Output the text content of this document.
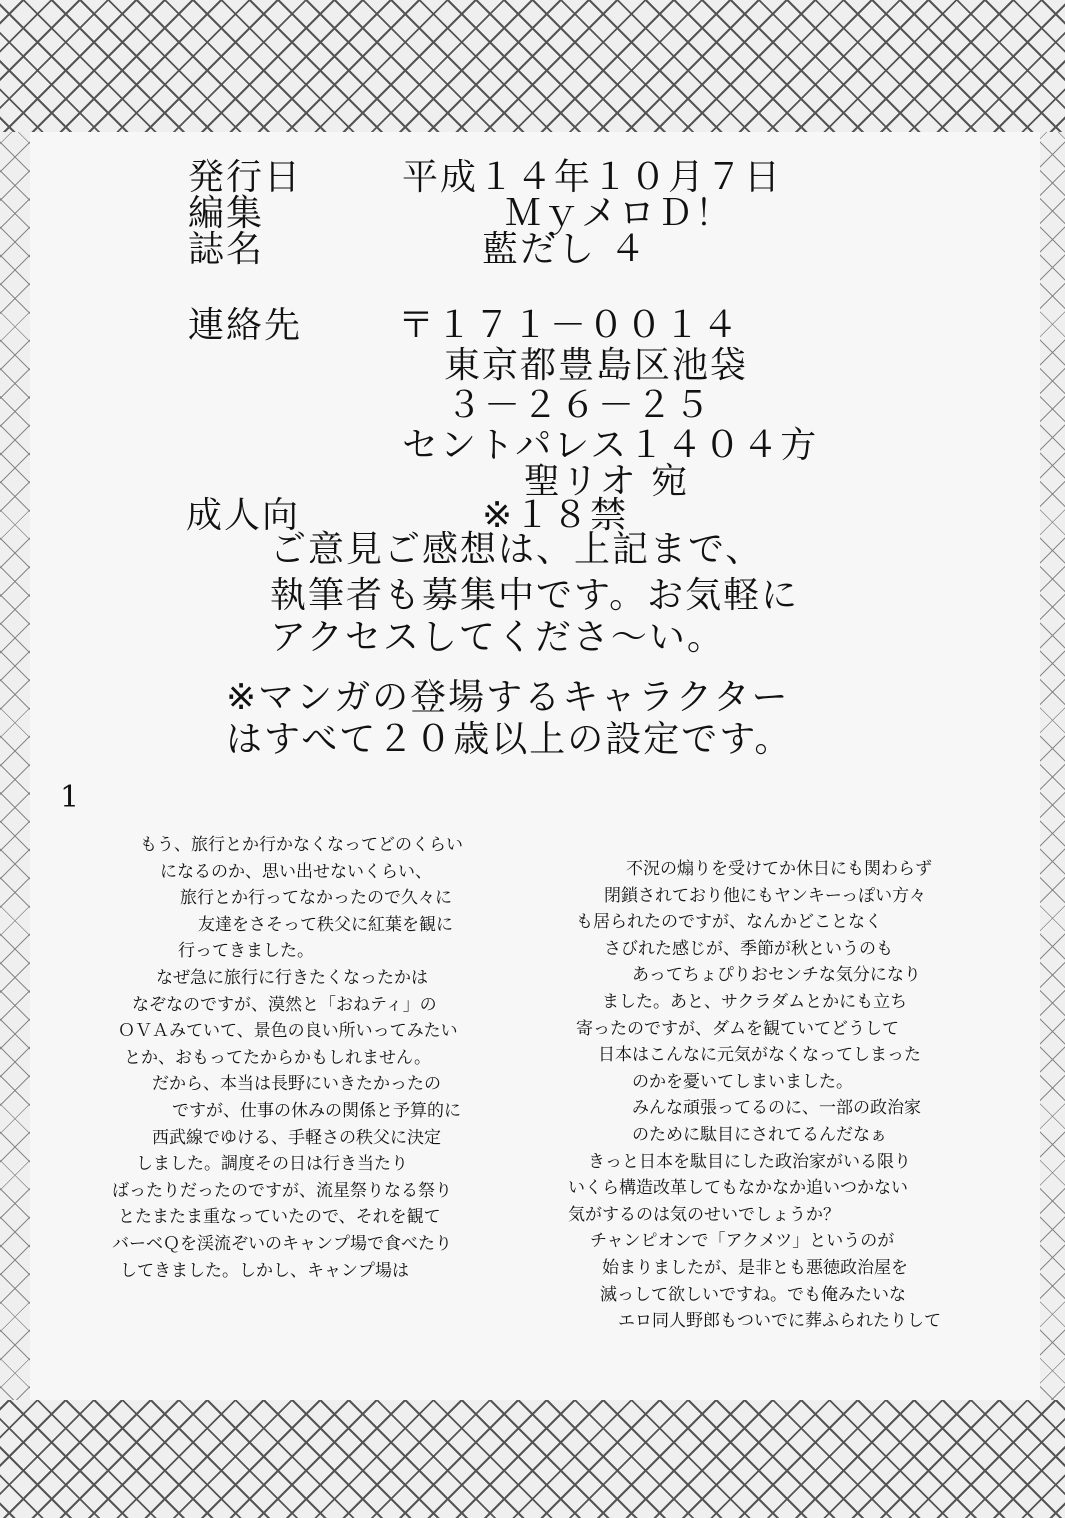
発行日	平成１４年１０月７日
編集	ＭｙメロＤ！
誌名	藍だし ４
連絡先	〒１７１－００１４
東京都豊島区池袋
３－２６－２５
セントパレス１４０４方
聖リオ 宛
成人向	※１８禁
ご意見ご感想は、上記まで、
執筆者も募集中です。お気軽に
アクセスしてくださ～い。
※マンガの登場するキャラクター
はすべて２０歳以上の設定です。
1
もう、旅行とか行かなくなってどのくらい
になるのか、思い出せないくらい、
旅行とか行ってなかったので久々に
友達をさそって秩父に紅葉を観に
行ってきました。
なぜ急に旅行に行きたくなったかは
なぞなのですが、漠然と「おねティ」の
ＯＶＡみていて、景色の良い所いってみたい
とか、おもってたからかもしれません。
だから、本当は長野にいきたかったの
ですが、仕事の休みの関係と予算的に
西武線でゆける、手軽さの秩父に決定
しました。調度その日は行き当たり
ばったりだったのですが、流星祭りなる祭り
とたまたま重なっていたので、それを観て
バーベＱを渓流ぞいのキャンプ場で食べたり
してきました。しかし、キャンプ場は
不況の煽りを受けてか休日にも関わらず
閉鎖されており他にもヤンキーっぽい方々
も居られたのですが、なんかどことなく
さびれた感じが、季節が秋というのも
あってちょぴりおセンチな気分になり
ました。あと、サクラダムとかにも立ち
寄ったのですが、ダムを観ていてどうして
日本はこんなに元気がなくなってしまった
のかを憂いてしまいました。
みんな頑張ってるのに、一部の政治家
のために駄目にされてるんだなぁ
きっと日本を駄目にした政治家がいる限り
いくら構造改革してもなかなか追いつかない
気がするのは気のせいでしょうか？
チャンピオンで「アクメツ」というのが
始まりましたが、是非とも悪徳政治屋を
滅っして欲しいですね。でも俺みたいな
エロ同人野郎もついでに葬ふられたりして
